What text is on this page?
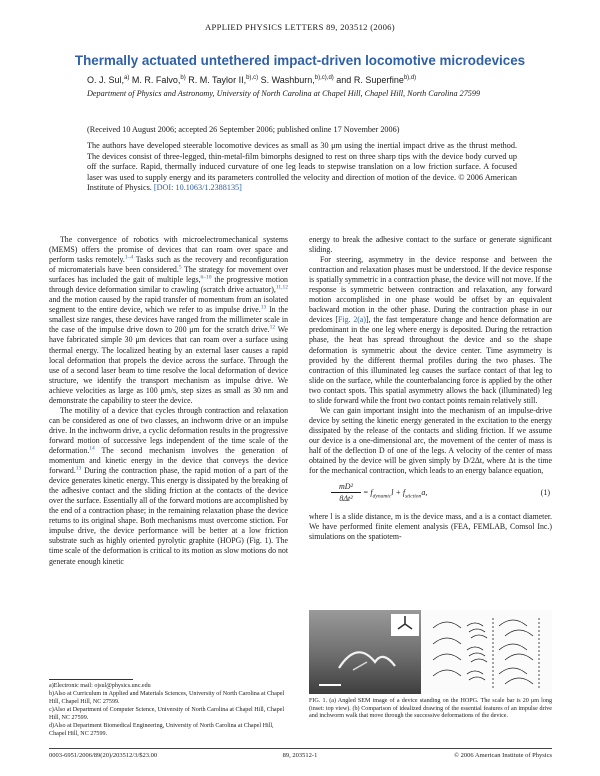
APPLIED PHYSICS LETTERS 89, 203512 (2006)
Thermally actuated untethered impact-driven locomotive microdevices
O. J. Sul,$^{a)}$ M. R. Falvo,$^{b)}$ R. M. Taylor II,$^{b),c)}$ S. Washburn,$^{b),c),d)}$ and R. Superfine$^{b),d)}$
Department of Physics and Astronomy, University of North Carolina at Chapel Hill, Chapel Hill, North Carolina 27599
(Received 10 August 2006; accepted 26 September 2006; published online 17 November 2006)

The authors have developed steerable locomotive devices as small as 30 μm using the inertial impact drive as the thrust method. The devices consist of three-legged, thin-metal-film bimorphs designed to rest on three sharp tips with the device body curved up off the surface. Rapid, thermally induced curvature of one leg leads to stepwise translation on a low friction surface. A focused laser was used to supply energy and its parameters controlled the velocity and direction of motion of the device. © 2006 American Institute of Physics. [DOI: 10.1063/1.2388135]

The convergence of robotics with microelectromechanical systems (MEMS) offers the promise of devices that can roam over space and perform tasks remotely.$^{1-4}$ Tasks such as the recovery and reconfiguration of micromaterials have been considered.$^5$ The strategy for movement over surfaces has included the gait of multiple legs,$^{6-10}$ the progressive motion through device deformation similar to crawling (scratch drive actuator),$^{11,12}$ and the motion caused by the rapid transfer of momentum from an isolated segment to the entire device, which we refer to as impulse drive.$^{13}$ In the smallest size ranges, these devices have ranged from the millimeter scale in the case of the impulse drive down to 200 μm for the scratch drive.$^{12}$ We have fabricated simple 30 μm devices that can roam over a surface using thermal energy. The localized heating by an external laser causes a rapid local deformation that propels the device across the surface. Through the use of a second laser beam to time resolve the local deformation of device structure, we identify the transport mechanism as impulse drive. We achieve velocities as large as 100 μm/s, step sizes as small as 30 nm and demonstrate the capability to steer the device.

The motility of a device that cycles through contraction and relaxation can be considered as one of two classes, an inchworm drive or an impulse drive. In the inchworm drive, a cyclic deformation results in the progressive forward motion of successive legs independent of the time scale of the deformation.$^{14}$ The second mechanism involves the generation of momentum and kinetic energy in the device that conveys the device forward.$^{13}$ During the contraction phase, the rapid motion of a part of the device generates kinetic energy. This energy is dissipated by the breaking of the adhesive contact and the sliding friction at the contacts of the device over the surface. Essentially all of the forward motions are accomplished by the end of a contraction phase; in the remaining relaxation phase the device returns to its original shape. Both mechanisms must overcome stiction. For impulse drive, the device performance will be better at a low friction substrate such as highly oriented pyrolytic graphite (HOPG) (Fig. 1). The time scale of the deformation is critical to its motion as slow motions do not generate enough kinetic

energy to break the adhesive contact to the surface or generate significant sliding.

For steering, asymmetry in the device response and between the contraction and relaxation phases must be understood. If the device response is spatially symmetric in a contraction phase, the device will not move. If the response is symmetric between contraction and relaxation, any forward motion accomplished in one phase would be offset by an equivalent backward motion in the other phase. During the contraction phase in our devices [Fig. 2(a)], the fast temperature change and hence deformation are predominant in the one leg where energy is deposited. During the retraction phase, the heat has spread throughout the device and so the shape deformation is symmetric about the device center. Time asymmetry is provided by the different thermal profiles during the two phases. The contraction of this illuminated leg causes the surface contact of that leg to slide on the surface, while the counterbalancing force is applied by the other two contact spots. This spatial asymmetry allows the back (illuminated) leg to slide forward while the front two contact points remain relatively still.

We can gain important insight into the mechanism of an impulse-drive device by setting the kinetic energy generated in the excitation to the energy dissipated by the release of the contacts and sliding friction. If we assume our device is a one-dimensional arc, the movement of the center of mass is half of the deflection D of one of the legs. A velocity of the center of mass obtained by the device will be given simply by D/2Δt, where Δt is the time for the mechanical contraction, which leads to an energy balance equation,

$\frac{\text{mD²}}{\text{8Δt²}} = f_{dynamic}l + f_{stiction}a$,	(1)

where l is a slide distance, m is the device mass, and a is a contact diameter. We have performed finite element analysis (FEA, FEMLAB, Comsol Inc.) simulations on the spatiotem-

FIG. 1. (a) Angled SEM image of a device standing on the HOPG. The scale bar is 20 μm long (inset: top view). (b) Comparison of idealized drawing of the essential features of an impulse drive and inchworm walk that move through the successive deformations of the device.
a)Electronic mail: ojsul@physics.unc.edu
b)Also at Curriculum in Applied and Materials Sciences, University of North Carolina at Chapel Hill, Chapel Hill, NC 27599.
c)Also at Department of Computer Science, University of North Carolina at Chapel Hill, Chapel Hill, NC 27599.
d)Also at Department Biomedical Engineering, University of North Carolina at Chapel Hill, Chapel Hill, NC 27599.
0003-6951/2006/89(20)/203512/3/$23.00	89, 203512-1	© 2006 American Institute of Physics
